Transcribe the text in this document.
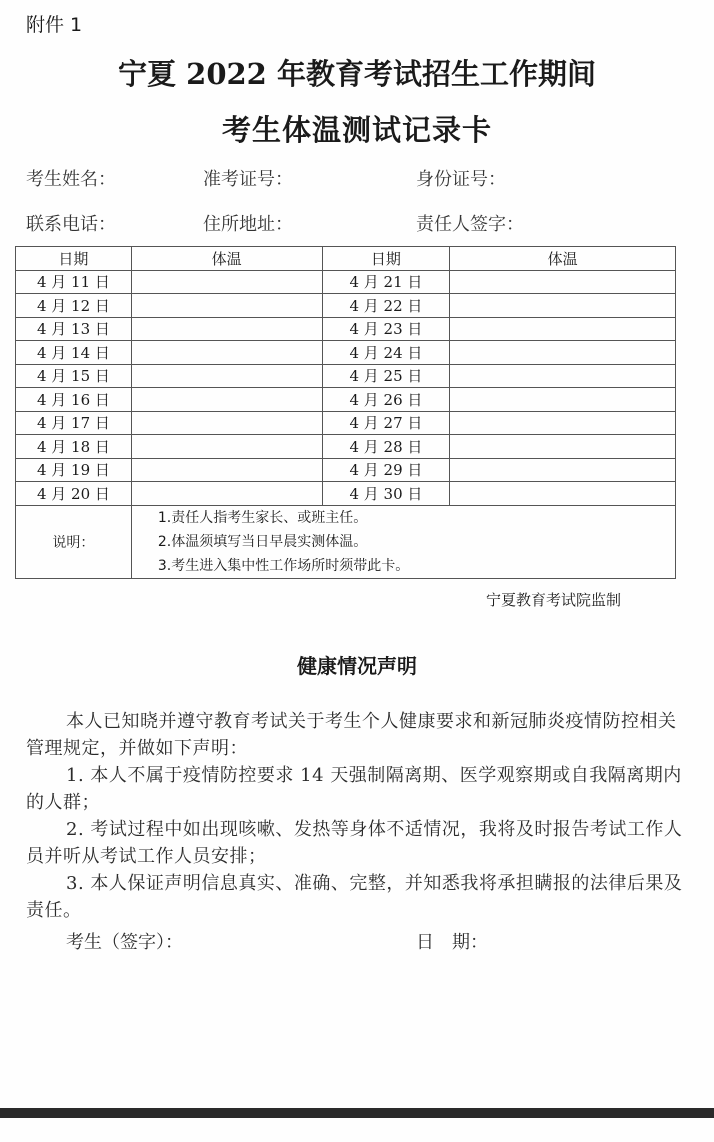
附件 1
宁夏 2022 年教育考试招生工作期间
考生体温测试记录卡
考生姓名：	准考证号：	身份证号：
联系电话：	住所地址：	责任人签字：
日期	体温	日期	体温
4 月 11 日		4 月 21 日	
4 月 12 日		4 月 22 日	
4 月 13 日		4 月 23 日	
4 月 14 日		4 月 24 日	
4 月 15 日		4 月 25 日	
4 月 16 日		4 月 26 日	
4 月 17 日		4 月 27 日	
4 月 18 日		4 月 28 日	
4 月 19 日		4 月 29 日	
4 月 20 日		4 月 30 日	
说明：	1.责任人指考生家长、或班主任。
2.体温须填写当日早晨实测体温。
3.考生进入集中性工作场所时须带此卡。		
宁夏教育考试院监制
健康情况声明

本人已知晓并遵守教育考试关于考生个人健康要求和新冠肺炎疫情防控相关管理规定，并做如下声明：

1. 本人不属于疫情防控要求 14 天强制隔离期、医学观察期或自我隔离期内的人群；

2. 考试过程中如出现咳嗽、发热等身体不适情况，我将及时报告考试工作人员并听从考试工作人员安排；

3. 本人保证声明信息真实、准确、完整，并知悉我将承担瞒报的法律后果及责任。

考生（签字）：	日　期：
